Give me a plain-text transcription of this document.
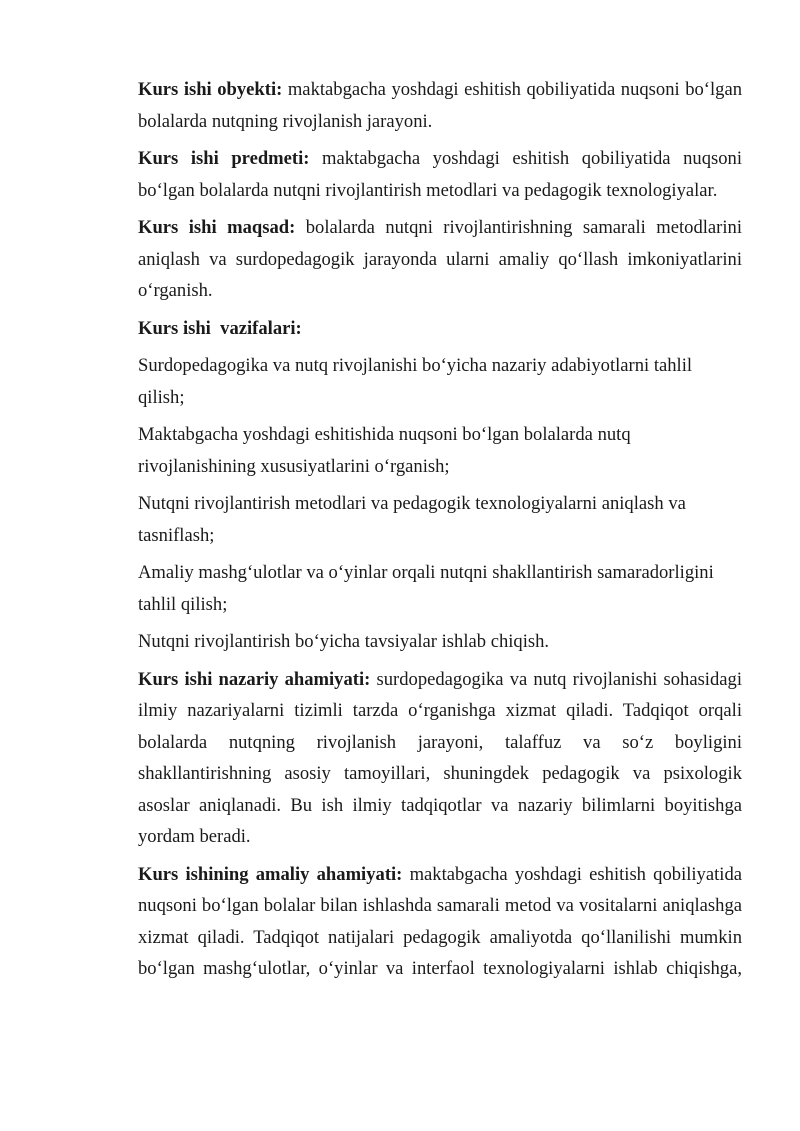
Kurs ishi obyekti: maktabgacha yoshdagi eshitish qobiliyatida nuqsoni bo‘lgan bolalarda nutqning rivojlanish jarayoni.

Kurs ishi predmeti: maktabgacha yoshdagi eshitish qobiliyatida nuqsoni bo‘lgan bolalarda nutqni rivojlantirish metodlari va pedagogik texnologiyalar.

Kurs ishi maqsad: bolalarda nutqni rivojlantirishning samarali metodlarini aniqlash va surdopedagogik jarayonda ularni amaliy qo‘llash imkoniyatlarini o‘rganish.

Kurs ishi  vazifalari:

Surdopedagogika va nutq rivojlanishi bo‘yicha nazariy adabiyotlarni tahlil qilish;

Maktabgacha yoshdagi eshitishida nuqsoni bo‘lgan bolalarda nutq rivojlanishining xususiyatlarini o‘rganish;

Nutqni rivojlantirish metodlari va pedagogik texnologiyalarni aniqlash va tasniflash;

Amaliy mashg‘ulotlar va o‘yinlar orqali nutqni shakllantirish samaradorligini tahlil qilish;

Nutqni rivojlantirish bo‘yicha tavsiyalar ishlab chiqish.

Kurs ishi nazariy ahamiyati: surdopedagogika va nutq rivojlanishi sohasidagi ilmiy nazariyalarni tizimli tarzda o‘rganishga xizmat qiladi. Tadqiqot orqali bolalarda nutqning rivojlanish jarayoni, talaffuz va so‘z boyligini shakllantirishning asosiy tamoyillari, shuningdek pedagogik va psixologik asoslar aniqlanadi. Bu ish ilmiy tadqiqotlar va nazariy bilimlarni boyitishga yordam beradi.

Kurs ishining amaliy ahamiyati: maktabgacha yoshdagi eshitish qobiliyatida nuqsoni bo‘lgan bolalar bilan ishlashda samarali metod va vositalarni aniqlashga xizmat qiladi. Tadqiqot natijalari pedagogik amaliyotda qo‘llanilishi mumkin bo‘lgan mashg‘ulotlar, o‘yinlar va interfaol texnologiyalarni ishlab chiqishga,
